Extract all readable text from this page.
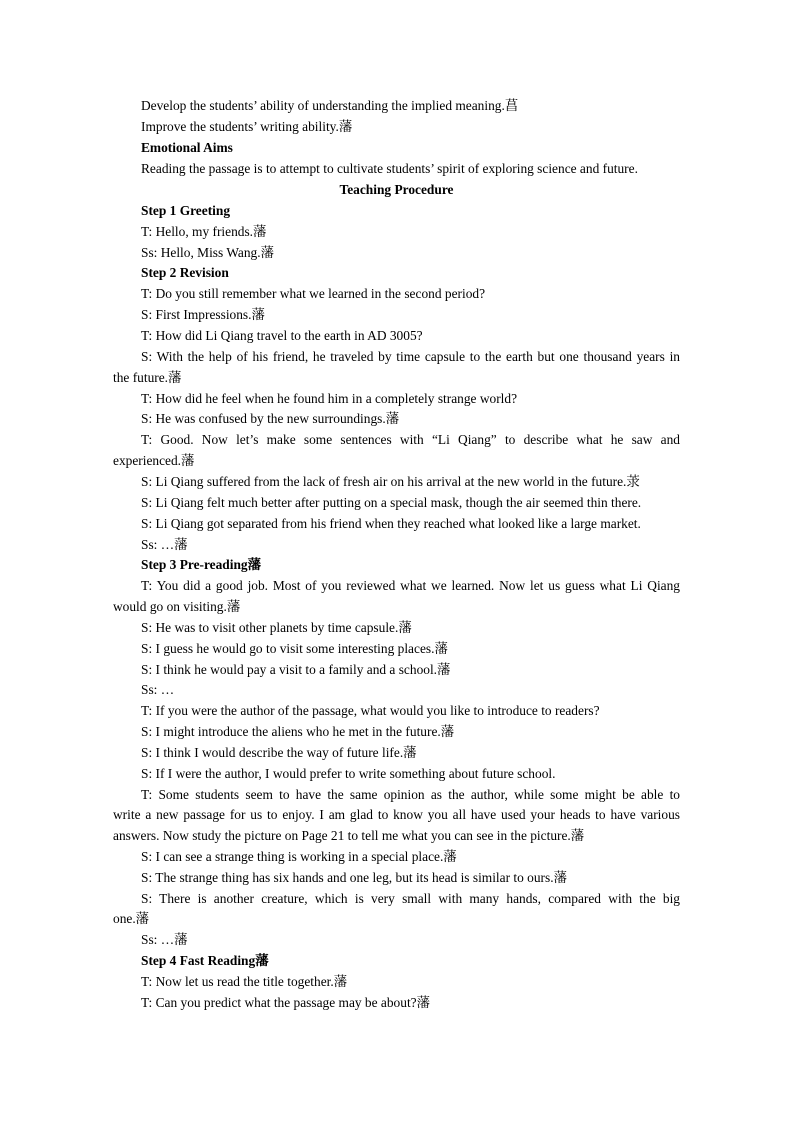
Develop the students’ ability of understanding the implied meaning.菖
Improve the students’ writing ability.藩
Emotional Aims
Reading the passage is to attempt to cultivate students’ spirit of exploring science and future.
Teaching Procedure
Step 1 Greeting
T: Hello, my friends.藩
Ss: Hello, Miss Wang.藩
Step 2 Revision
T: Do you still remember what we learned in the second period?
S: First Impressions.藩
T: How did Li Qiang travel to the earth in AD 3005?
S: With the help of his friend, he traveled by time capsule to the earth but one thousand years in
the future.藩
T: How did he feel when he found him in a completely strange world?
S: He was confused by the new surroundings.藩
T: Good. Now let’s make some sentences with “Li Qiang” to describe what he saw and
experienced.藩
S: Li Qiang suffered from the lack of fresh air on his arrival at the new world in the future.莍
S: Li Qiang felt much better after putting on a special mask, though the air seemed thin there.
S: Li Qiang got separated from his friend when they reached what looked like a large market.
Ss: …藩
Step 3 Pre-reading藩
T: You did a good job. Most of you reviewed what we learned. Now let us guess what Li Qiang
would go on visiting.藩
S: He was to visit other planets by time capsule.藩
S: I guess he would go to visit some interesting places.藩
S: I think he would pay a visit to a family and a school.藩
Ss: …
T: If you were the author of the passage, what would you like to introduce to readers?
S: I might introduce the aliens who he met in the future.藩
S: I think I would describe the way of future life.藩
S: If I were the author, I would prefer to write something about future school.
T: Some students seem to have the same opinion as the author, while some might be able to
write a new passage for us to enjoy. I am glad to know you all have used your heads to have various
answers. Now study the picture on Page 21 to tell me what you can see in the picture.藩
S: I can see a strange thing is working in a special place.藩
S: The strange thing has six hands and one leg, but its head is similar to ours.藩
S: There is another creature, which is very small with many hands, compared with the big
one.藩
Ss: …藩
Step 4 Fast Reading藩
T: Now let us read the title together.藩
T: Can you predict what the passage may be about?藩
